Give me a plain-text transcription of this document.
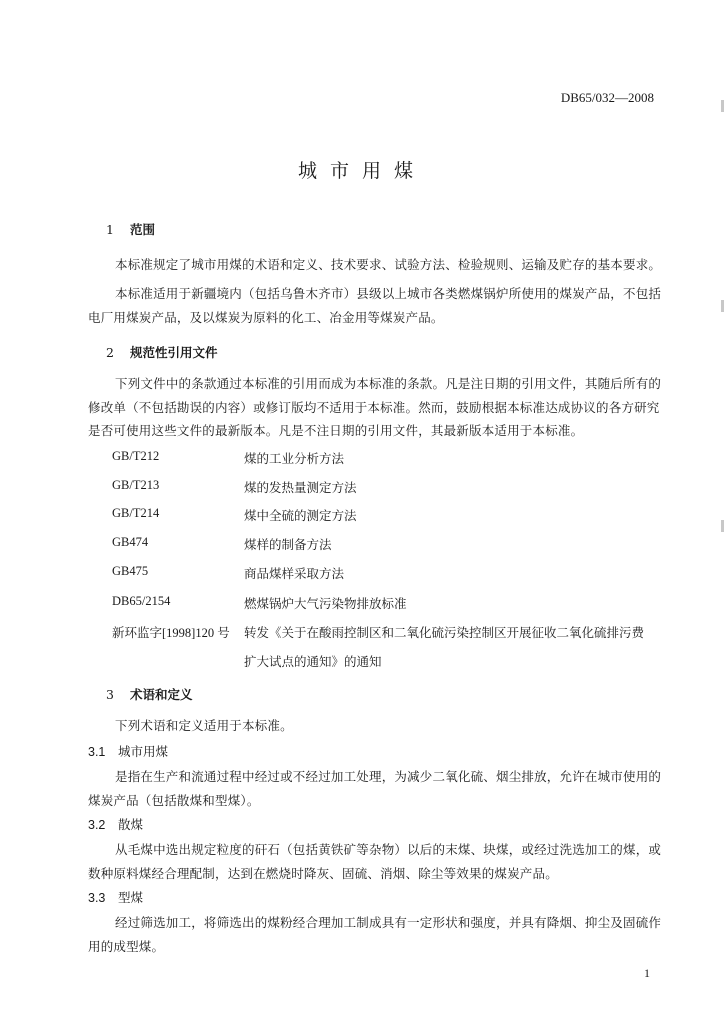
DB65/032—2008
城市用煤
1 范围
本标准规定了城市用煤的术语和定义、技术要求、试验方法、检验规则、运输及贮存的基本要求。
本标准适用于新疆境内（包括乌鲁木齐市）县级以上城市各类燃煤锅炉所使用的煤炭产品，不包括
电厂用煤炭产品，及以煤炭为原料的化工、冶金用等煤炭产品。
2 规范性引用文件
下列文件中的条款通过本标准的引用而成为本标准的条款。凡是注日期的引用文件，其随后所有的
修改单（不包括勘误的内容）或修订版均不适用于本标准。然而，鼓励根据本标准达成协议的各方研究
是否可使用这些文件的最新版本。凡是不注日期的引用文件，其最新版本适用于本标准。
GB/T212	煤的工业分析方法
GB/T213	煤的发热量测定方法
GB/T214	煤中全硫的测定方法
GB474	煤样的制备方法
GB475	商品煤样采取方法
DB65/2154	燃煤锅炉大气污染物排放标准
新环监字[1998]120 号 转发《关于在酸雨控制区和二氧化硫污染控制区开展征收二氧化硫排污费
扩大试点的通知》的通知
3 术语和定义
下列术语和定义适用于本标准。
3.1 城市用煤
是指在生产和流通过程中经过或不经过加工处理，为减少二氧化硫、烟尘排放，允许在城市使用的
煤炭产品（包括散煤和型煤）。
3.2 散煤
从毛煤中选出规定粒度的矸石（包括黄铁矿等杂物）以后的末煤、块煤，或经过洗选加工的煤，或
数种原料煤经合理配制，达到在燃烧时降灰、固硫、消烟、除尘等效果的煤炭产品。
3.3 型煤
经过筛选加工，将筛选出的煤粉经合理加工制成具有一定形状和强度，并具有降烟、抑尘及固硫作
用的成型煤。
1
